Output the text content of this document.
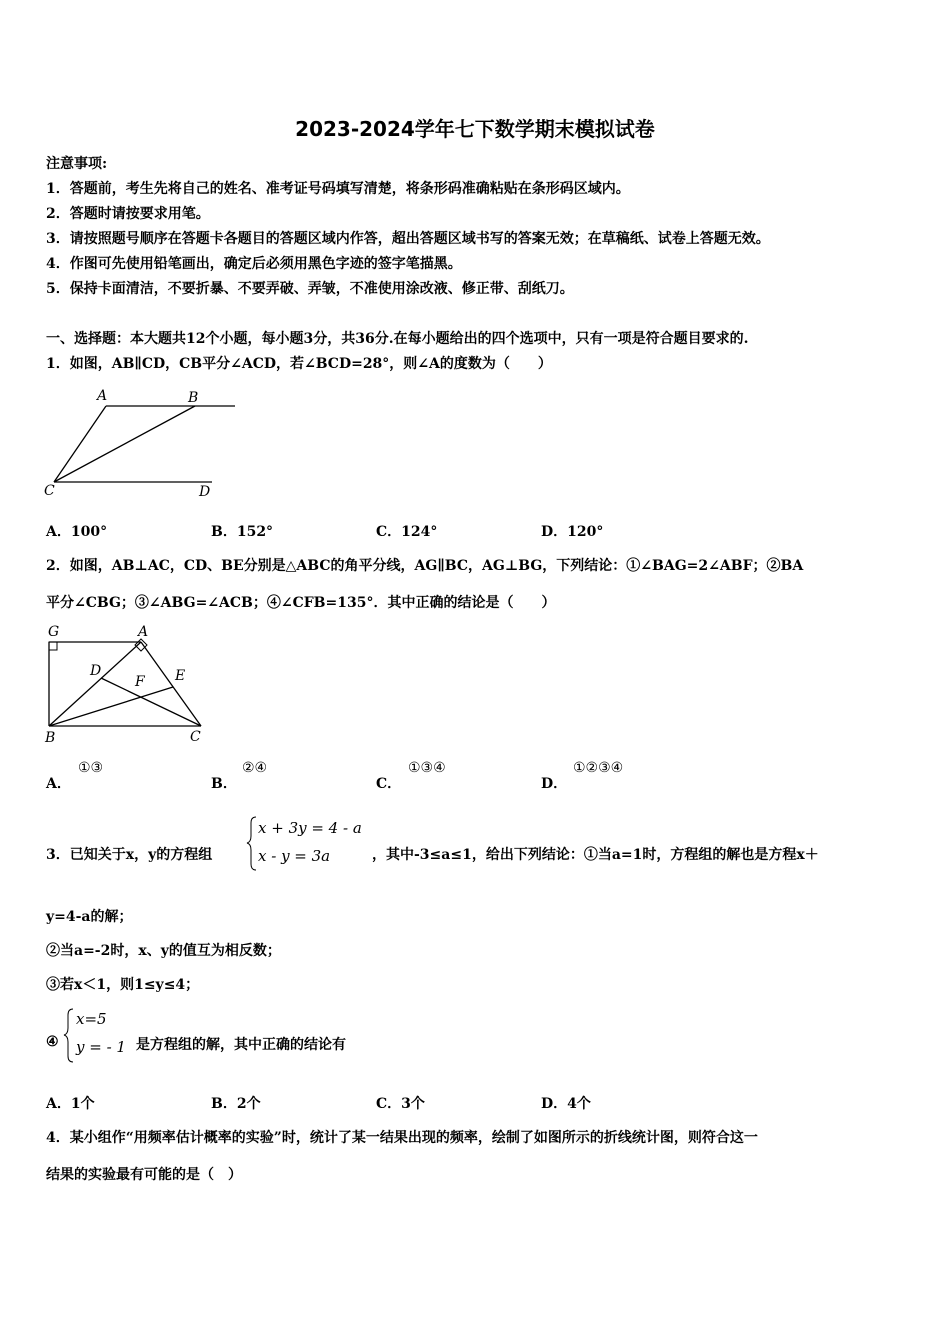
2023-2024学年七下数学期末模拟试卷
注意事项:
1．答题前，考生先将自己的姓名、准考证号码填写清楚，将条形码准确粘贴在条形码区域内。
2．答题时请按要求用笔。
3．请按照题号顺序在答题卡各题目的答题区域内作答，超出答题区域书写的答案无效；在草稿纸、试卷上答题无效。
4．作图可先使用铅笔画出，确定后必须用黑色字迹的签字笔描黑。
5．保持卡面清洁，不要折暴、不要弄破、弄皱，不准使用涂改液、修正带、刮纸刀。
一、选择题：本大题共12个小题，每小题3分，共36分.在每小题给出的四个选项中，只有一项是符合题目要求的.
1．如图，AB∥CD，CB平分∠ACD，若∠BCD=28°，则∠A的度数为（　　）
A	B
C	D
A．100°	B．152°	C．124°	D．120°
2．如图，AB⊥AC，CD、BE分别是△ABC的角平分线，AG∥BC，AG⊥BG，下列结论：①∠BAG=2∠ABF；②BA
平分∠CBG；③∠ABG=∠ACB；④∠CFB=135°．其中正确的结论是（　　）
G	A
D	E
F
B	C
A．
①③
B．
②④
C．
①③④
D．
①②③④
3．已知关于x，y的方程组
x + 3y = 4 - a
x - y = 3a	，其中-3≤a≤1，给出下列结论：①当a=1时，方程组的解也是方程x＋
y=4-a的解；
②当a=-2时，x、y的值互为相反数；
③若x＜1，则1≤y≤4；
④
x=5
y = - 1 是方程组的解，其中正确的结论有
A．1个	B．2个	C．3个	D．4个
4．某小组作“用频率估计概率的实验”时，统计了某一结果出现的频率，绘制了如图所示的折线统计图，则符合这一
结果的实验最有可能的是（　）
